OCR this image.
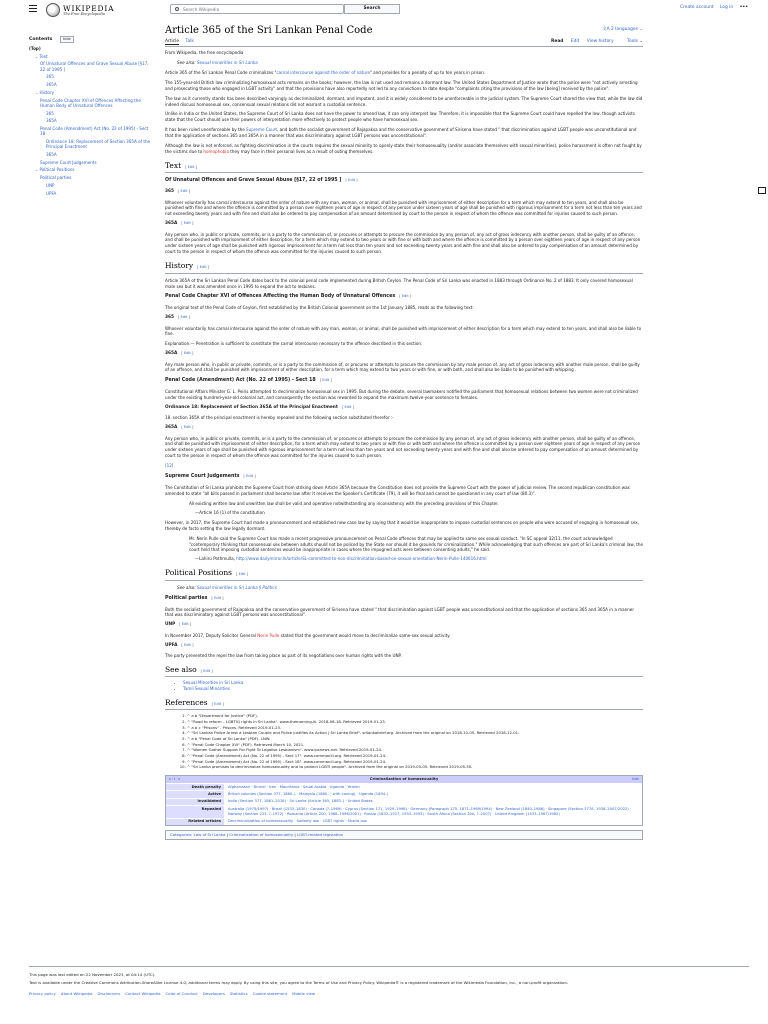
WIKIPEDIA
The Free Encyclopedia
Search Wikipedia
Search	Create account Log in •••
Contents	hide
(Top)
⌄Text
Of Unnatural Offences and Grave Sexual Abuse [§17, 22 of 1995 ]
365
365A
⌄History
Penal Code Chapter XVI of Offences Affecting the Human Body of Unnatural Offences
365
365A
Penal Code (Amendment) Act (No. 22 of 1995) - Sect 18
Ordinance 18: Replacement of Section 365A of the Principal Enactment
365A
Supreme Court Judgements
⌄Political Positions
Political parties
UNP
UPFA
Article 365 of the Sri Lankan Penal Code	文A 2 languages ⌄
Article Talk	Read Edit View history	Tools ⌄
From Wikipedia, the free encyclopedia
See also: Sexual minorities in Sri Lanka

Article 365 of the Sri Lankan Penal Code criminalizes "carnal intercourse against the order of nature" and provides for a penalty of up to ten years in prison.

The 155-year-old British law criminalizing homosexual acts remains on the books; however, the law is not used and remains a dormant law. The United States Department of Justice wrote that the police were "not actively arresting and prosecuting those who engaged in LGBT activity" and that the provisions have also reportedly not led to any convictions to date despite "complaints citing the provisions of the law [being] received by the police".

The law as it currently stands has been described varyingly as decriminalized, dormant, and impotent, and it is widely considered to be unenforceable in the judicial system. The Supreme Court shared the view that, while the law did indeed discuss homosexual sex, consensual sexual relations did not warrant a custodial sentence.

Unlike in India or the United States, the Supreme Court of Sri Lanka does not have the power to amend law, it can only interpret law. Therefore, it is impossible that the Supreme Court could have repelled the law, though activists state that the Court should use their powers of interpretation more effectively to protect people who have homosexual sex.

It has been ruled unenforceable by the Supreme Court, and both the socialist government of Rajapaksa and the conservative government of Sirisena have stated " that discrimination against LGBT people was unconstitutional and that the application of sections 365 and 365A in a manner that was discriminatory against LGBT persons was unconstitutional".

Although the law is not enforced, as fighting discrimination in the courts requires the sexual minority to openly state their homosexuality (and/or associate themselves with sexual minorities), police harassment is often not fought by the victims due to homophobia they may face in their personal lives as a result of outing themselves.

Text [ Edit ]
Of Unnatural Offences and Grave Sexual Abuse [§17, 22 of 1995 ] [ Edit ]
365 [ Edit ]

Whoever voluntarily has carnal intercourse against the order of nature with any man, woman, or animal, shall be punished with imprisonment of either description for a term which may extend to ten years, and shall also be punished with fine and where the offence is committed by a person over eighteen years of age in respect of any person under sixteen years of age shall be punished with rigorous imprisonment for a term not less than ten years and not exceeding twenty years and with fine and shall also be ordered to pay compensation of an amount determined by court to the person in respect of whom the offence was committed for injuries caused to such person.

365A [ Edit ]

Any person who, in public or private, commits, or is a party to the commission of, or procures or attempts to procure the commission by any person of, any act of gross indecency with another person, shall be guilty of an offence, and shall be punished with imprisonment of either description, for a term which may extend to two years or with fine or with both and where the offence is committed by a person over eighteen years of age in respect of any person under sixteen years of age shall be punished with rigorous imprisonment for a term not less than ten years and not exceeding twenty years and with fine and shall also be ordered to pay compensation of an amount determined by court to the person in respect of whom the offence was committed for the injuries caused to such person.

History [ Edit ]

Article 365A of the Sri Lankan Penal Code dates back to the colonial penal code implemented during British Ceylon. The Penal Code of Sri Lanka was enacted in 1883 through Ordinance No. 2 of 1883. It only covered homosexual male sex but it was amended once in 1995 to expand the act to lesbians.

Penal Code Chapter XVI of Offences Affecting the Human Body of Unnatural Offences [ Edit ]

The original text of the Penal Code of Ceylon, first established by the British Colonial government on the 1st January 1885, reads as the following text:

365 [ Edit ]

Whoever voluntarily has carnal intercourse against the order of nature with any man, woman, or animal, shall be punished with imprisonment of either description for a term which may extend to ten years, and shall also be liable to fine.

Explanation.— Penetration is sufficient to constitute the carnal intercourse necessary to the offence described in this section.

365A [ Edit ]

Any male person who, in public or private, commits, or is a party to the commission of, or procures or attempts to procure the commission by any male person of, any act of gross indecency with another male person, shall be guilty of an offence, and shall be punished with imprisonment of either description, for a term which may extend to two years or with fine, or with both, and shall also be liable to be punished with whipping .

Penal Code (Amendment) Act (No. 22 of 1995) - Sect 18 [ Edit ]

Constitutional Affairs Minister G. L. Peiris attempted to decriminalize homosexual sex in 1995. But during the debate, several lawmakers notified the parliament that homosexual relations between two women were not criminalized under the existing hundred-year-old colonial act, and consequently the section was reworded to expand the maximum twelve-year sentence to females.

Ordinance 18: Replacement of Section 365A of the Principal Enactment [ Edit ]

18. section 365A of the principal enactment is hereby repealed and the following section substituted therefor :-

365A [ Edit ]

Any person who, in public or private, commits, or is a party to the commission of, or procures or attempts to procure the commission by any person of, any act of gross indecency with another person, shall be guilty of an offence, and shall be punished with imprisonment of either description, for a term which may extend to two years or with fine or with both and where the offence is committed by a person over eighteen years of age in respect of any person under sixteen years of age shall be punished with rigorous imprisonment for a term not less than ten years and not exceeding twenty years and with fine and shall also be ordered to pay compensation of an amount determined by court to the person in respect of whom the offence was committed for the injuries caused to such person.

[12]

Supreme Court Judgements [ Edit ]

The Constitution of Sri Lanka prohibits the Supreme Court from striking down Article 365A because the Constitution does not provide the Supreme Court with the power of judicial review. The second republican constitution was amended to state "all bills passed in parliament shall become law after it receives the Speaker's Certificate (79), it will be final and cannot be questioned in any court of law (80.3)".

All existing written law and unwritten law shall be valid and operative notwithstanding any inconsistency with the preceding provisions of this Chapter.
—Article 16 (1) of the constitution

However, in 2017, the Supreme Court had made a pronouncement and established new case law by saying that it would be inappropriate to impose custodial sentences on people who were accused of engaging in homosexual sex, thereby de facto setting the law legally dormant.

Mr. Nerin Pulle said the Supreme Court has made a recent progressive pronouncement on Penal Code offences that may be applied to same sex sexual conduct. "In SC appeal 32/11, the court acknowledged "contemporary thinking that consensual sex between adults should not be policed by the State nor should it be grounds for criminalization." While acknowledging that such offences are part of Sri Lanka's criminal law, the court held that imposing custodial sentences would be inappropriate in cases where the impugned acts were between consenting adults," he said.
—Lahiru Pothmulla, http://www.dailymirror.lk/article/SL-committed-to-non-discrimination-based-on-sexual-orientation-Nerin-Pulle-140616.html
Political Positions [ Edit ]
See also: Sexual minorities in Sri Lanka § Politics
Political parties [ Edit ]

Both the socialist government of Rajapaksa and the conservative government of Sirisena have stated " that discrimination against LGBT people was unconstitutional and that the application of sections 365 and 365A in a manner that was discriminatory against LGBT persons was unconstitutional".

UNP [ Edit ]

In November 2017, Deputy Solicitor General Nerin Pulle stated that the government would move to decriminalize same-sex sexual activity.

UPFA [ Edit ]

The party prevented the repel the law from taking place as part of its negotiations over human rights with the UNP.

See also [ Edit ]
• Sexual Minorities in Sri Lanka
• Tamil Sexual Minorities
References [ Edit ]
1. ^ a b "Department for Justice" (PDF).
2. ^ "Road to reform – LGBTIQ rights in Sri Lanka". www.themorning.lk. 2018-06-18. Retrieved 2019-01-23.
3. ^ a b c "Prisons" . Prisons. Retrieved 2019-01-23.
4. ^ "Sri Lankan Police Arrest a Lesbian Couple and Police justifies its Action | Sri Lanka Brief". srilankabrief.org. Archived from the original on 2018-10-05. Retrieved 2018-12-01.
5. ^ a b "Penal Code of Sri Lanka" (PDF). LNW.
6. ^ "Penal Code Chapter XVI" (PDF). Retrieved March 10, 2021.
7. ^ "Women Gather Support For Fight To Legalise Lesbianism". www.ipsnews.net. Retrieved 2019-01-24.
8. ^ "Penal Code (Amendment) Act (No. 22 of 1995) - Sect 17". www.commonlii.org. Retrieved 2019-01-24.
9. ^ "Penal Code (Amendment) Act (No. 22 of 1995) - Sect 18". www.commonlii.org. Retrieved 2019-01-24.
10. ^ "Sri Lanka promises to decriminalize homosexuality and to protect LGBTI people". Archived from the original on 2019-05-05. Retrieved 2019-05-30.
v · t · e	Criminalization of homosexuality	hide
Death penalty	Afghanistan · Brunei · Iran · Mauritania · Saudi Arabia · Uganda · Yemen
Active	British colonies (Section 377, 1860–) · Malaysia (1860– ; with caning) · Uganda (1894–)
Invalidated	India (Section 377, 1861–2018) · Sri Lanka (Article 365, 1883–) · United States
Repealed	Australia (1975/1997) · Brazil (1533–1830) · Canada (?–1969) · Cyprus (Section 171, 1929–1998) · Germany (Paragraph 175, 1871–1969/1994) · New Zealand (1840–1986) · Singapore (Section 377A, 1938–2007/2022) · Norway (Section 213, ?–1972) · Romania (Article 200, 1968–1996/2001) · Russia (1832–1917, 1933–1993) · South Africa (Section 20A, ?–2007) · United Kingdom (1533–1967/1982)
Related articles	Decriminalization of homosexuality · Sodomy law · LGBT rights · Sharia law
Categories: Law of Sri Lanka | Criminalization of homosexuality | LGBT-related legislation

This page was last edited on 22 November 2023, at 04:14 (UTC).

Text is available under the Creative Commons Attribution-ShareAlike License 4.0; additional terms may apply. By using this site, you agree to the Terms of Use and Privacy Policy. Wikipedia® is a registered trademark of the Wikimedia Foundation, Inc., a non-profit organization.

Privacy policy About Wikipedia Disclaimers Contact Wikipedia Code of Conduct Developers Statistics Cookie statement Mobile view
